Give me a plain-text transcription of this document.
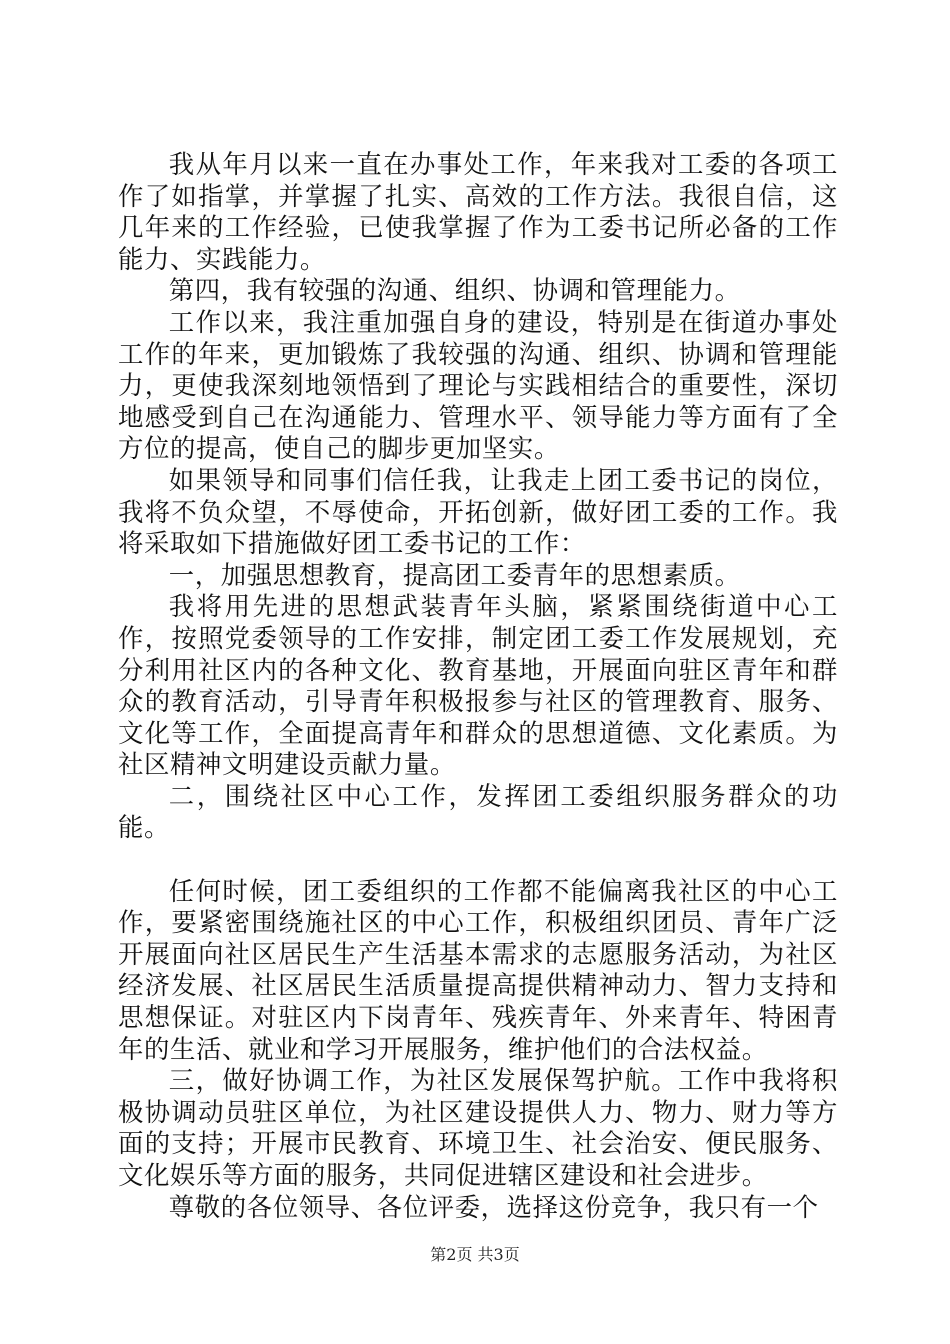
我从年月以来一直在办事处工作，年来我对工委的各项工作了如指掌，并掌握了扎实、高效的工作方法。我很自信，这几年来的工作经验，已使我掌握了作为工委书记所必备的工作能力、实践能力。

第四，我有较强的沟通、组织、协调和管理能力。

工作以来，我注重加强自身的建设，特别是在街道办事处工作的年来，更加锻炼了我较强的沟通、组织、协调和管理能力，更使我深刻地领悟到了理论与实践相结合的重要性，深切地感受到自己在沟通能力、管理水平、领导能力等方面有了全方位的提高，使自己的脚步更加坚实。

如果领导和同事们信任我，让我走上团工委书记的岗位，我将不负众望，不辱使命，开拓创新，做好团工委的工作。我将采取如下措施做好团工委书记的工作：

一，加强思想教育，提高团工委青年的思想素质。

我将用先进的思想武装青年头脑，紧紧围绕街道中心工作，按照党委领导的工作安排，制定团工委工作发展规划，充分利用社区内的各种文化、教育基地，开展面向驻区青年和群众的教育活动，引导青年积极报参与社区的管理教育、服务、文化等工作，全面提高青年和群众的思想道德、文化素质。为社区精神文明建设贡献力量。

二，围绕社区中心工作，发挥团工委组织服务群众的功能。

任何时候，团工委组织的工作都不能偏离我社区的中心工作，要紧密围绕施社区的中心工作，积极组织团员、青年广泛开展面向社区居民生产生活基本需求的志愿服务活动，为社区经济发展、社区居民生活质量提高提供精神动力、智力支持和思想保证。对驻区内下岗青年、残疾青年、外来青年、特困青年的生活、就业和学习开展服务，维护他们的合法权益。

三，做好协调工作，为社区发展保驾护航。工作中我将积极协调动员驻区单位，为社区建设提供人力、物力、财力等方面的支持；开展市民教育、环境卫生、社会治安、便民服务、文化娱乐等方面的服务，共同促进辖区建设和社会进步。

尊敬的各位领导、各位评委，选择这份竞争，我只有一个

第2页 共3页
